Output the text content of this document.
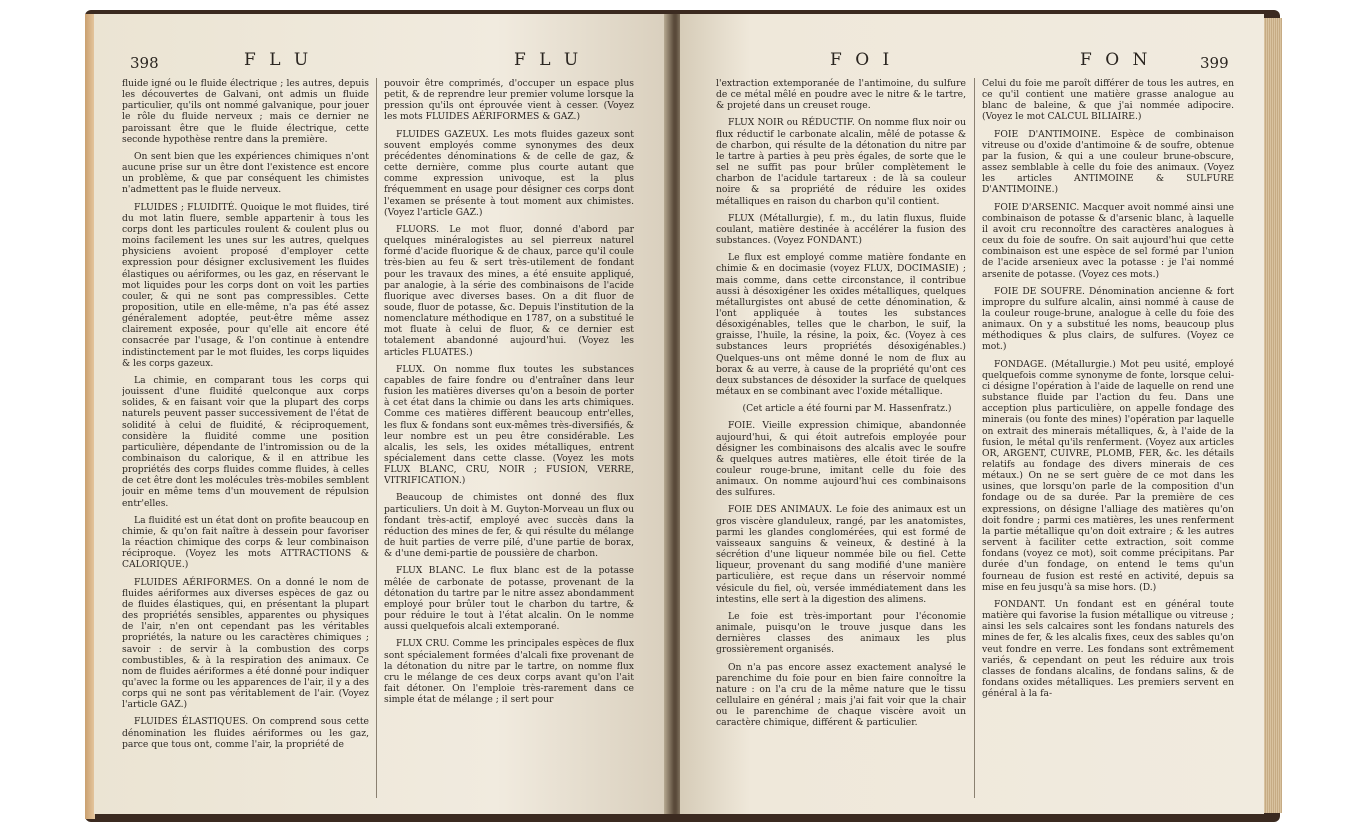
398	F L U	F L U

fluide igné ou le fluide électrique ; les autres, depuis les découvertes de Galvani, ont admis un fluide particulier, qu'ils ont nommé galvanique, pour jouer le rôle du fluide nerveux ; mais ce dernier ne paroissant être que le fluide électrique, cette seconde hypothèse rentre dans la première.

On sent bien que les expériences chimiques n'ont aucune prise sur un être dont l'existence est encore un problème, & que par conséquent les chimistes n'admettent pas le fluide nerveux.

FLUIDES ; FLUIDITÉ. Quoique le mot fluides, tiré du mot latin fluere, semble appartenir à tous les corps dont les particules roulent & coulent plus ou moins facilement les unes sur les autres, quelques physiciens avoient proposé d'employer cette expression pour désigner exclusivement les fluides élastiques ou aériformes, ou les gaz, en réservant le mot liquides pour les corps dont on voit les parties couler, & qui ne sont pas compressibles. Cette proposition, utile en elle-même, n'a pas été assez généralement adoptée, peut-être même assez clairement exposée, pour qu'elle ait encore été consacrée par l'usage, & l'on continue à entendre indistinctement par le mot fluides, les corps liquides & les corps gazeux.

La chimie, en comparant tous les corps qui jouissent d'une fluidité quelconque aux corps solides, & en faisant voir que la plupart des corps naturels peuvent passer successivement de l'état de solidité à celui de fluidité, & réciproquement, considère la fluidité comme une position particulière, dépendante de l'intromission ou de la combinaison du calorique, & il en attribue les propriétés des corps fluides comme fluides, à celles de cet être dont les molécules très-mobiles semblent jouir en même tems d'un mouvement de répulsion entr'elles.

La fluidité est un état dont on profite beaucoup en chimie, & qu'on fait naître à dessein pour favoriser la réaction chimique des corps & leur combinaison réciproque. (Voyez les mots ATTRACTIONS & CALORIQUE.)

FLUIDES AÉRIFORMES. On a donné le nom de fluides aériformes aux diverses espèces de gaz ou de fluides élastiques, qui, en présentant la plupart des propriétés sensibles, apparentes ou physiques de l'air, n'en ont cependant pas les véritables propriétés, la nature ou les caractères chimiques ; savoir : de servir à la combustion des corps combustibles, & à la respiration des animaux. Ce nom de fluides aériformes a été donné pour indiquer qu'avec la forme ou les apparences de l'air, il y a des corps qui ne sont pas véritablement de l'air. (Voyez l'article GAZ.)

FLUIDES ÉLASTIQUES. On comprend sous cette dénomination les fluides aériformes ou les gaz, parce que tous ont, comme l'air, la propriété de

pouvoir être comprimés, d'occuper un espace plus petit, & de reprendre leur premier volume lorsque la pression qu'ils ont éprouvée vient à cesser. (Voyez les mots FLUIDES AÉRIFORMES & GAZ.)

FLUIDES GAZEUX. Les mots fluides gazeux sont souvent employés comme synonymes des deux précédentes dénominations & de celle de gaz, & cette dernière, comme plus courte autant que comme expression univoque, est la plus fréquemment en usage pour désigner ces corps dont l'examen se présente à tout moment aux chimistes. (Voyez l'article GAZ.)

FLUORS. Le mot fluor, donné d'abord par quelques minéralogistes au sel pierreux naturel formé d'acide fluorique & de chaux, parce qu'il coule très-bien au feu & sert très-utilement de fondant pour les travaux des mines, a été ensuite appliqué, par analogie, à la série des combinaisons de l'acide fluorique avec diverses bases. On a dit fluor de soude, fluor de potasse, &c. Depuis l'institution de la nomenclature méthodique en 1787, on a substitué le mot fluate à celui de fluor, & ce dernier est totalement abandonné aujourd'hui. (Voyez les articles FLUATES.)

FLUX. On nomme flux toutes les substances capables de faire fondre ou d'entraîner dans leur fusion les matières diverses qu'on a besoin de porter à cet état dans la chimie ou dans les arts chimiques. Comme ces matières diffèrent beaucoup entr'elles, les flux & fondans sont eux-mêmes très-diversifiés, & leur nombre est un peu être considérable. Les alcalis, les sels, les oxides métalliques, entrent spécialement dans cette classe. (Voyez les mots FLUX BLANC, CRU, NOIR ; FUSION, VERRE, VITRIFICATION.)

Beaucoup de chimistes ont donné des flux particuliers. Un doit à M. Guyton-Morveau un flux ou fondant très-actif, employé avec succès dans la réduction des mines de fer, & qui résulte du mélange de huit parties de verre pilé, d'une partie de borax, & d'une demi-partie de poussière de charbon.

FLUX BLANC. Le flux blanc est de la potasse mêlée de carbonate de potasse, provenant de la détonation du tartre par le nitre assez abondamment employé pour brûler tout le charbon du tartre, & pour réduire le tout à l'état alcalin. On le nomme aussi quelquefois alcali extemporané.

FLUX CRU. Comme les principales espèces de flux sont spécialement formées d'alcali fixe provenant de la détonation du nitre par le tartre, on nomme flux cru le mélange de ces deux corps avant qu'on l'ait fait détoner. On l'emploie très-rarement dans ce simple état de mélange ; il sert pour

F O I	F O N	399

l'extraction extemporanée de l'antimoine, du sulfure de ce métal mêlé en poudre avec le nitre & le tartre, & projeté dans un creuset rouge.

FLUX NOIR ou RÉDUCTIF. On nomme flux noir ou flux réductif le carbonate alcalin, mêlé de potasse & de charbon, qui résulte de la détonation du nitre par le tartre à parties à peu près égales, de sorte que le sel ne suffit pas pour brûler complètement le charbon de l'acidule tartareux : de là sa couleur noire & sa propriété de réduire les oxides métalliques en raison du charbon qu'il contient.

FLUX (Métallurgie), f. m., du latin fluxus, fluide coulant, matière destinée à accélérer la fusion des substances. (Voyez FONDANT.)

Le flux est employé comme matière fondante en chimie & en docimasie (voyez FLUX, DOCIMASIE) ; mais comme, dans cette circonstance, il contribue aussi à désoxigéner les oxides métalliques, quelques métallurgistes ont abusé de cette dénomination, & l'ont appliquée à toutes les substances désoxigénables, telles que le charbon, le suif, la graisse, l'huile, la résine, la poix, &c. (Voyez à ces substances leurs propriétés désoxigénables.) Quelques-uns ont même donné le nom de flux au borax & au verre, à cause de la propriété qu'ont ces deux substances de désoxider la surface de quelques métaux en se combinant avec l'oxide métallique.

(Cet article a été fourni par M. Hassenfratz.)

FOIE. Vieille expression chimique, abandonnée aujourd'hui, & qui étoit autrefois employée pour désigner les combinaisons des alcalis avec le soufre & quelques autres matières, elle étoit tirée de la couleur rouge-brune, imitant celle du foie des animaux. On nomme aujourd'hui ces combinaisons des sulfures.

FOIE DES ANIMAUX. Le foie des animaux est un gros viscère glanduleux, rangé, par les anatomistes, parmi les glandes conglomérées, qui est formé de vaisseaux sanguins & veineux, & destiné à la sécrétion d'une liqueur nommée bile ou fiel. Cette liqueur, provenant du sang modifié d'une manière particulière, est reçue dans un réservoir nommé vésicule du fiel, où, versée immédiatement dans les intestins, elle sert à la digestion des alimens.

Le foie est très-important pour l'économie animale, puisqu'on le trouve jusque dans les dernières classes des animaux les plus grossièrement organisés.

On n'a pas encore assez exactement analysé le parenchime du foie pour en bien faire connoître la nature : on l'a cru de la même nature que le tissu cellulaire en général ; mais j'ai fait voir que la chair ou le parenchime de chaque viscère avoit un caractère chimique, différent & particulier.

Celui du foie me paroît différer de tous les autres, en ce qu'il contient une matière grasse analogue au blanc de baleine, & que j'ai nommée adipocire. (Voyez le mot CALCUL BILIAIRE.)

FOIE D'ANTIMOINE. Espèce de combinaison vitreuse ou d'oxide d'antimoine & de soufre, obtenue par la fusion, & qui a une couleur brune-obscure, assez semblable à celle du foie des animaux. (Voyez les articles ANTIMOINE & SULFURE D'ANTIMOINE.)

FOIE D'ARSENIC. Macquer avoit nommé ainsi une combinaison de potasse & d'arsenic blanc, à laquelle il avoit cru reconnoître des caractères analogues à ceux du foie de soufre. On sait aujourd'hui que cette combinaison est une espèce de sel formé par l'union de l'acide arsenieux avec la potasse : je l'ai nommé arsenite de potasse. (Voyez ces mots.)

FOIE DE SOUFRE. Dénomination ancienne & fort impropre du sulfure alcalin, ainsi nommé à cause de la couleur rouge-brune, analogue à celle du foie des animaux. On y a substitué les noms, beaucoup plus méthodiques & plus clairs, de sulfures. (Voyez ce mot.)

FONDAGE. (Métallurgie.) Mot peu usité, employé quelquefois comme synonyme de fonte, lorsque celui-ci désigne l'opération à l'aide de laquelle on rend une substance fluide par l'action du feu. Dans une acception plus particulière, on appelle fondage des minerais (ou fonte des mines) l'opération par laquelle on extrait des minerais métalliques, &, à l'aide de la fusion, le métal qu'ils renferment. (Voyez aux articles OR, ARGENT, CUIVRE, PLOMB, FER, &c. les détails relatifs au fondage des divers minerais de ces métaux.) On ne se sert guère de ce mot dans les usines, que lorsqu'on parle de la composition d'un fondage ou de sa durée. Par la première de ces expressions, on désigne l'alliage des matières qu'on doit fondre ; parmi ces matières, les unes renferment la partie métallique qu'on doit extraire ; & les autres servent à faciliter cette extraction, soit comme fondans (voyez ce mot), soit comme précipitans. Par durée d'un fondage, on entend le tems qu'un fourneau de fusion est resté en activité, depuis sa mise en feu jusqu'à sa mise hors. (D.)

FONDANT. Un fondant est en général toute matière qui favorise la fusion métallique ou vitreuse ; ainsi les sels calcaires sont les fondans naturels des mines de fer, & les alcalis fixes, ceux des sables qu'on veut fondre en verre. Les fondans sont extrêmement variés, & cependant on peut les réduire aux trois classes de fondans alcalins, de fondans salins, & de fondans oxides métalliques. Les premiers servent en général à la fa-
